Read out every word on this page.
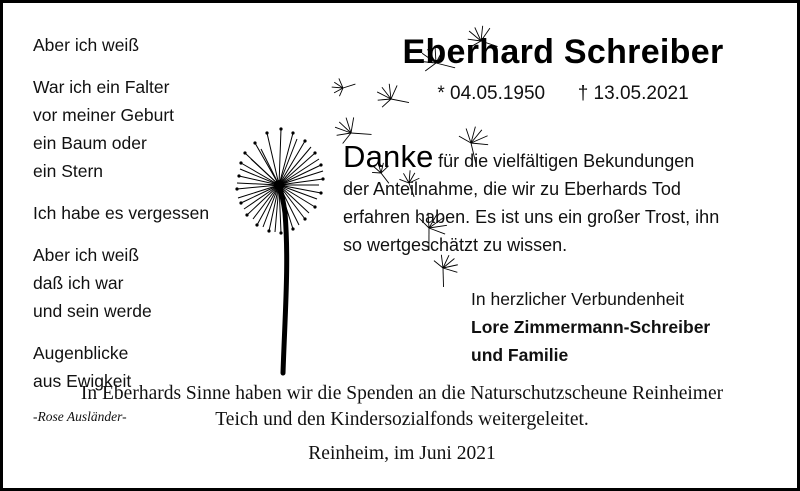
Aber ich weiß
War ich ein Falter
vor meiner Geburt
ein Baum oder
ein Stern
Ich habe es vergessen
Aber ich weiß
daß ich war
und sein werde
Augenblicke
aus Ewigkeit
-Rose Ausländer-
Eberhard Schreiber
* 04.05.1950 † 13.05.2021
Danke für die vielfältigen Bekundungen
der Anteilnahme, die wir zu Eberhards Tod
erfahren haben. Es ist uns ein großer Trost, ihn
so wertgeschätzt zu wissen.
In herzlicher Verbundenheit
Lore Zimmermann-Schreiber
und Familie
In Eberhards Sinne haben wir die Spenden an die Naturschutzscheune Reinheimer
Teich und den Kindersozialfonds weitergeleitet.
Reinheim, im Juni 2021
